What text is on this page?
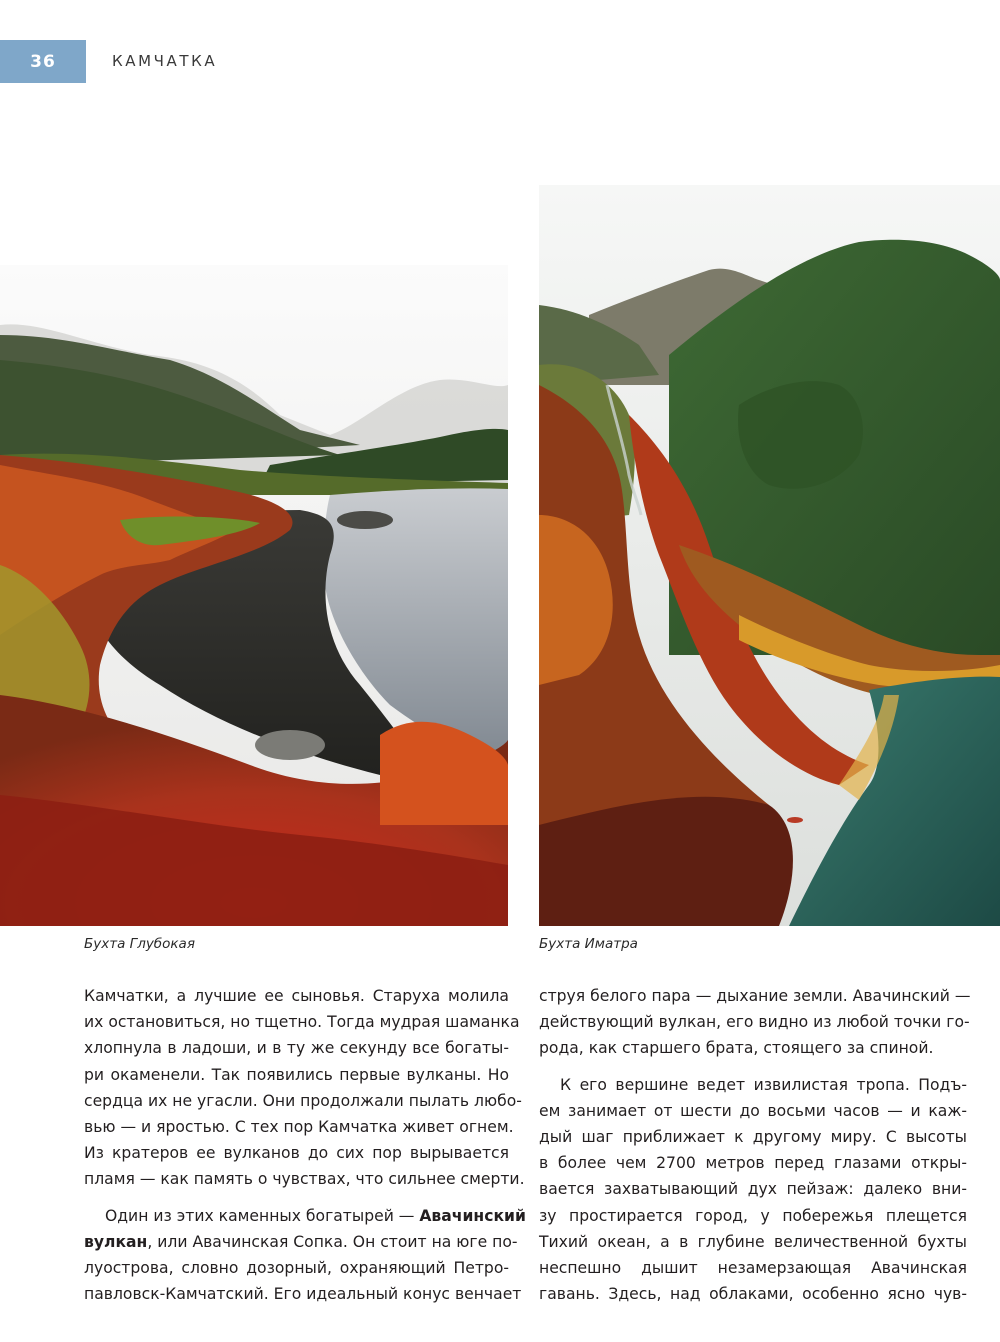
36	КАМЧАТКА
Бухта Глубокая	Бухта Иматра
Камчатки, а лучшие ее сыновья. Старуха молила
их остановиться, но тщетно. Тогда мудрая шаманка
хлопнула в ладоши, и в ту же секунду все богаты-
ри окаменели. Так появились первые вулканы. Но
сердца их не угасли. Они продолжали пылать любо-
вью — и яростью. С тех пор Камчатка живет огнем.
Из кратеров ее вулканов до сих пор вырывается
пламя — как память о чувствах, что сильнее смерти.
Один из этих каменных богатырей — Авачинский
вулкан, или Авачинская Сопка. Он стоит на юге по-
луострова, словно дозорный, охраняющий Петро-
павловск-Камчатский. Его идеальный конус венчает
струя белого пара — дыхание земли. Авачинский —
действующий вулкан, его видно из любой точки го-
рода, как старшего брата, стоящего за спиной.
К его вершине ведет извилистая тропа. Подъ-
ем занимает от шести до восьми часов — и каж-
дый шаг приближает к другому миру. С высоты
в более чем 2700 метров перед глазами откры-
вается захватывающий дух пейзаж: далеко вни-
зу простирается город, у побережья плещется
Тихий океан, а в глубине величественной бухты
неспешно дышит незамерзающая Авачинская
гавань. Здесь, над облаками, особенно ясно чув-
